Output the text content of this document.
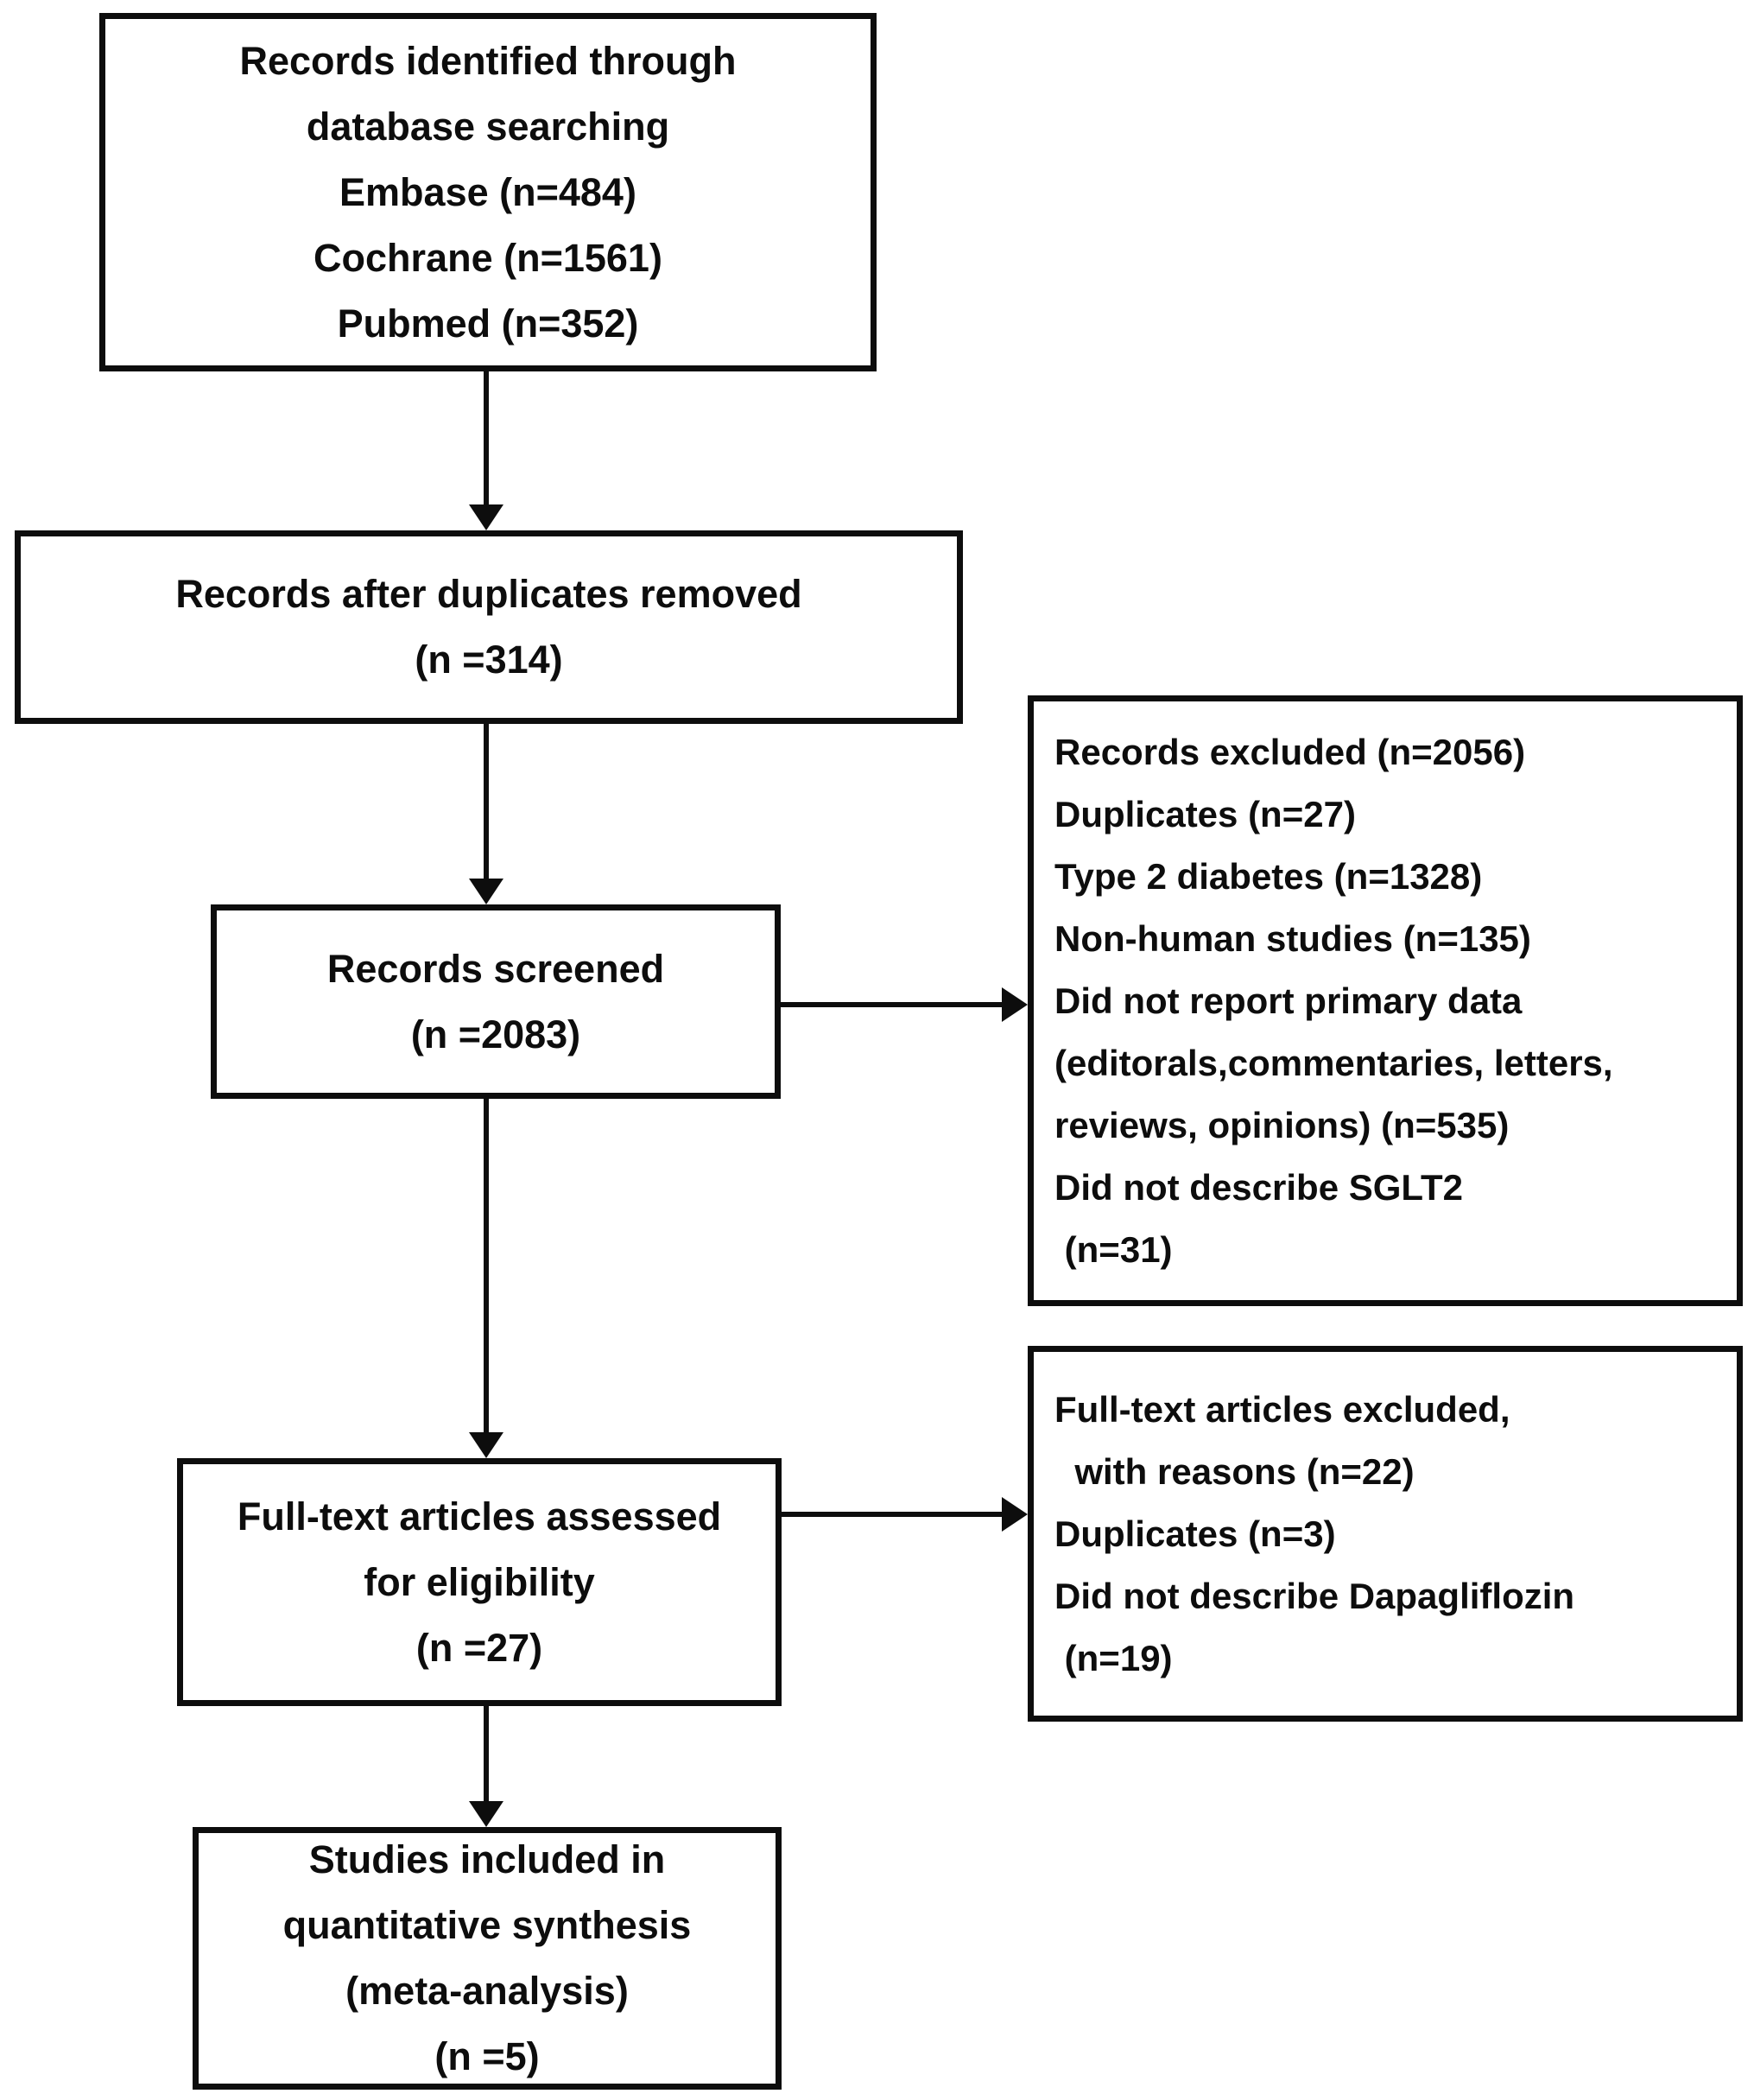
Records identified through
database searching
Embase (n=484)
Cochrane (n=1561)
Pubmed (n=352)
Records after duplicates removed
(n =314)
Records screened
(n =2083)
Records excluded (n=2056)
Duplicates (n=27)
Type 2 diabetes (n=1328)
Non-human studies (n=135)
Did not report primary data
(editorals,commentaries, letters,
reviews, opinions) (n=535)
Did not describe SGLT2
(n=31)
Full-text articles assessed
for eligibility
(n =27)
Full-text articles excluded,
with reasons (n=22)
Duplicates (n=3)
Did not describe Dapagliflozin
(n=19)
Studies included in
quantitative synthesis
(meta-analysis)
(n =5)
